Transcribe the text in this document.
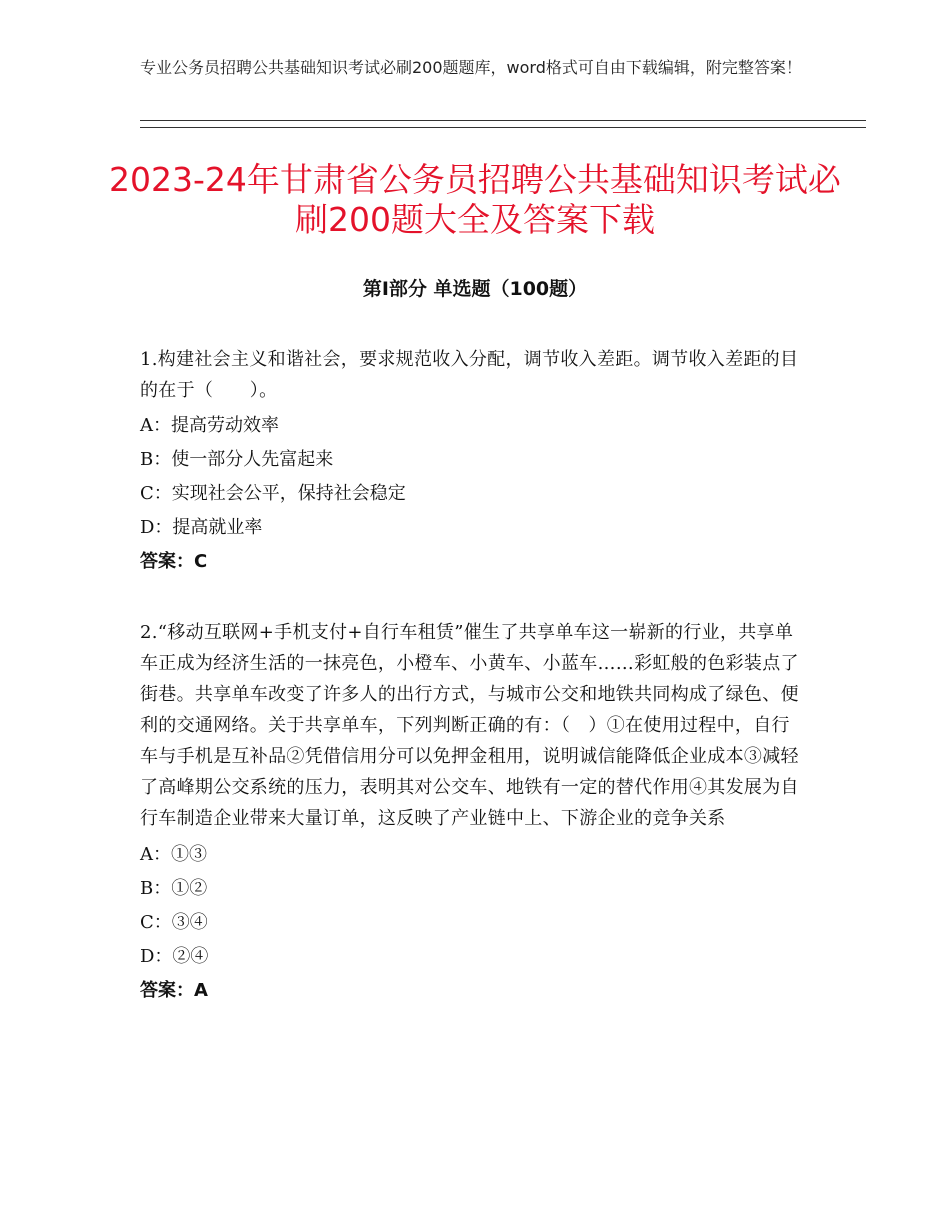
专业公务员招聘公共基础知识考试必刷200题题库，word格式可自由下载编辑，附完整答案！
2023-24年甘肃省公务员招聘公共基础知识考试必刷200题大全及答案下载
第Ⅰ部分 单选题（100题）
1.构建社会主义和谐社会，要求规范收入分配，调节收入差距。调节收入差距的目的在于（　　）。
A：提高劳动效率
B：使一部分人先富起来
C：实现社会公平，保持社会稳定
D：提高就业率
答案：C
2.“移动互联网+手机支付+自行车租赁”催生了共享单车这一崭新的行业，共享单车正成为经济生活的一抹亮色，小橙车、小黄车、小蓝车……彩虹般的色彩装点了街巷。共享单车改变了许多人的出行方式，与城市公交和地铁共同构成了绿色、便利的交通网络。关于共享单车，下列判断正确的有：（　）①在使用过程中，自行车与手机是互补品②凭借信用分可以免押金租用，说明诚信能降低企业成本③减轻了高峰期公交系统的压力，表明其对公交车、地铁有一定的替代作用④其发展为自行车制造企业带来大量订单，这反映了产业链中上、下游企业的竞争关系
A：①③
B：①②
C：③④
D：②④
答案：A
